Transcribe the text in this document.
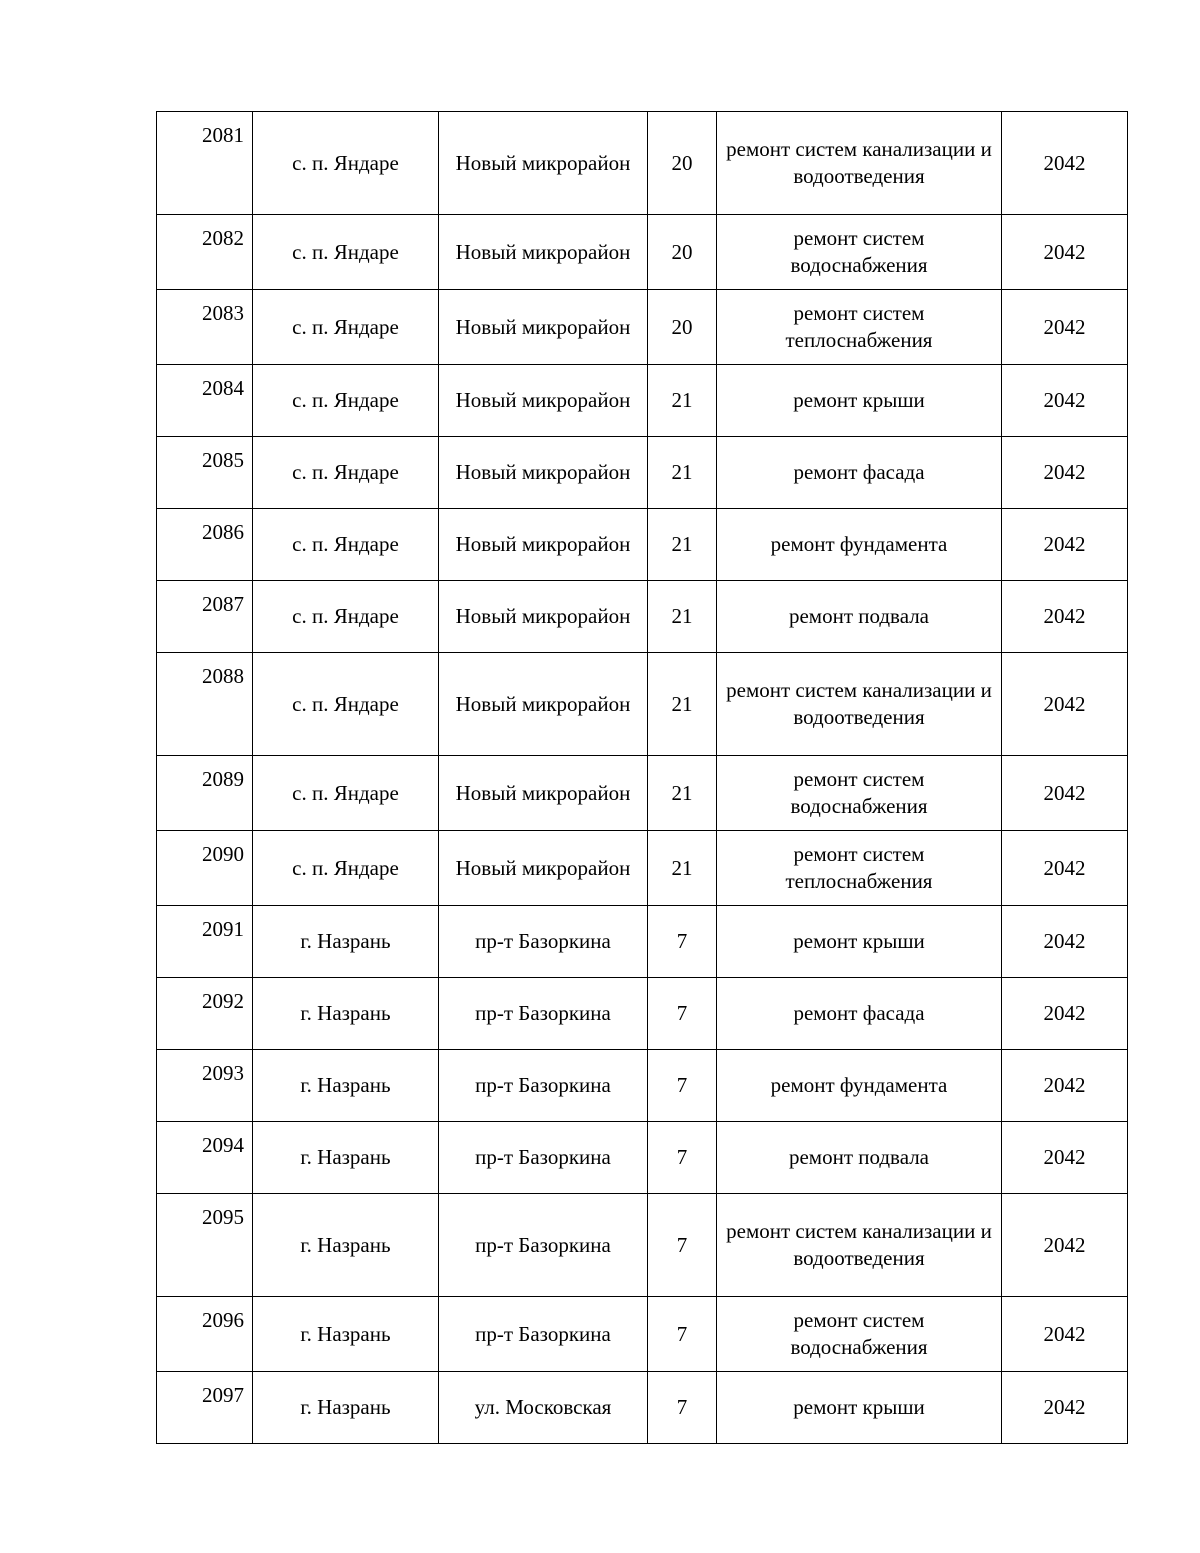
2081	с. п. Яндаре	Новый микрорайон	20	ремонт систем канализации и водоотведения	2042
2082	с. п. Яндаре	Новый микрорайон	20	ремонт систем водоснабжения	2042
2083	с. п. Яндаре	Новый микрорайон	20	ремонт систем теплоснабжения	2042
2084	с. п. Яндаре	Новый микрорайон	21	ремонт крыши	2042
2085	с. п. Яндаре	Новый микрорайон	21	ремонт фасада	2042
2086	с. п. Яндаре	Новый микрорайон	21	ремонт фундамента	2042
2087	с. п. Яндаре	Новый микрорайон	21	ремонт подвала	2042
2088	с. п. Яндаре	Новый микрорайон	21	ремонт систем канализации и водоотведения	2042
2089	с. п. Яндаре	Новый микрорайон	21	ремонт систем водоснабжения	2042
2090	с. п. Яндаре	Новый микрорайон	21	ремонт систем теплоснабжения	2042
2091	г. Назрань	пр-т Базоркина	7	ремонт крыши	2042
2092	г. Назрань	пр-т Базоркина	7	ремонт фасада	2042
2093	г. Назрань	пр-т Базоркина	7	ремонт фундамента	2042
2094	г. Назрань	пр-т Базоркина	7	ремонт подвала	2042
2095	г. Назрань	пр-т Базоркина	7	ремонт систем канализации и водоотведения	2042
2096	г. Назрань	пр-т Базоркина	7	ремонт систем водоснабжения	2042
2097	г. Назрань	ул. Московская	7	ремонт крыши	2042
